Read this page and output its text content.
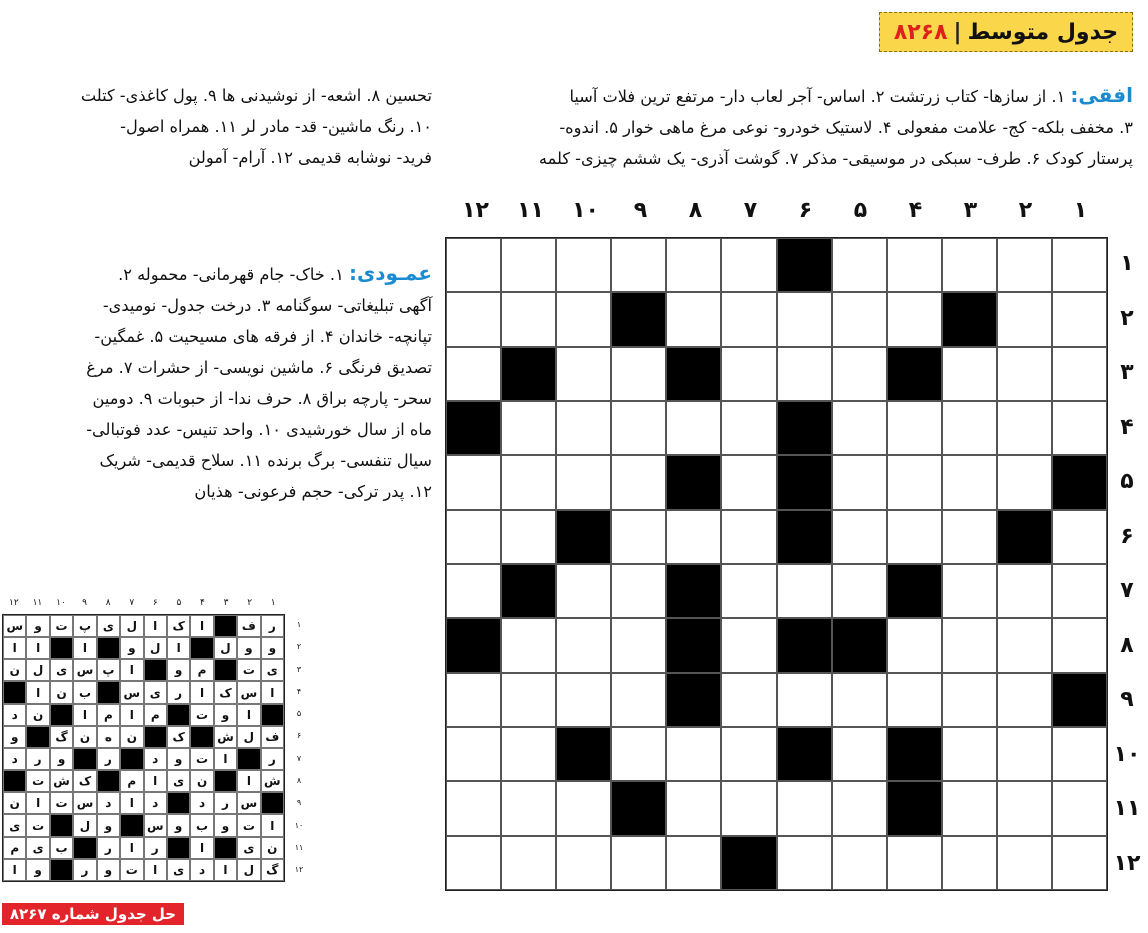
جدول متوسط
|
۸۲۶۸
افقی: ۱. از سازها- کتاب زرتشت ۲. اساس- آجر لعاب دار- مرتفع ترین فلات آسیا
۳. مخفف بلکه- کج- علامت مفعولی ۴. لاستیک خودرو- نوعی مرغ ماهی خوار ۵. اندوه-
پرستار کودک ۶. طرف- سبکی در موسیقی- مذکر ۷. گوشت آذری- یک ششم چیزی- کلمه
تحسین ۸. اشعه- از نوشیدنی ها ۹. پول کاغذی- کتلت
۱۰. رنگ ماشین- قد- مادر لر ۱۱. همراه اصول-
فرید- نوشابه قدیمی ۱۲. آرام- آمولن
عمـودی: ۱. خاک- جام قهرمانی- محموله ۲.
آگهی تبلیغاتی- سوگنامه ۳. درخت جدول- نومیدی-
تپانچه- خاندان ۴. از فرقه های مسیحیت ۵. غمگین-
تصدیق فرنگی ۶. ماشین نویسی- از حشرات ۷. مرغ
سحر- پارچه براق ۸. حرف ندا- از حبوبات ۹. دومین
ماه از سال خورشیدی ۱۰. واحد تنیس- عدد فوتبالی-
سیال تنفسی- برگ برنده ۱۱. سلاح قدیمی- شریک
۱۲. پدر ترکی- حجم فرعونی- هذیان
۱
۲
۳
۴
۵
۶
۷
۸
۹
۱۰
۱۱
۱۲
۱
۲
۳
۴
۵
۶
۷
۸
۹
۱۰
۱۱
۱۲
۱
۲
۳
۴
۵
۶
۷
۸
۹
۱۰
۱۱
۱۲
۱
۲
۳
۴
۵
۶
۷
۸
۹
۱۰
۱۱
۱۲
ر
ف
ا
ک
ا
ل
ی
پ
ت
و
س
و
و
ل
ا
ل
و
ا
ا
ا
ی
ت
م
و
ا
پ
س
ی
ل
ن
ا
س
ک
ا
ر
ی
س
ب
ن
ا
ا
و
ت
م
ا
م
ا
ن
د
ف
ل
ش
ک
ن
ه
ن
گ
و
ر
ا
ت
و
د
ر
و
ر
د
ش
ا
ن
ی
ا
م
ک
ش
ت
س
ر
د
د
ا
د
س
ت
ا
ن
ا
ت
و
ب
و
س
و
ل
ت
ی
ن
ی
ا
ر
ا
ر
ب
ی
م
گ
ل
ا
د
ی
ا
ت
و
ر
و
ا
حل جدول شماره ۸۲۶۷
